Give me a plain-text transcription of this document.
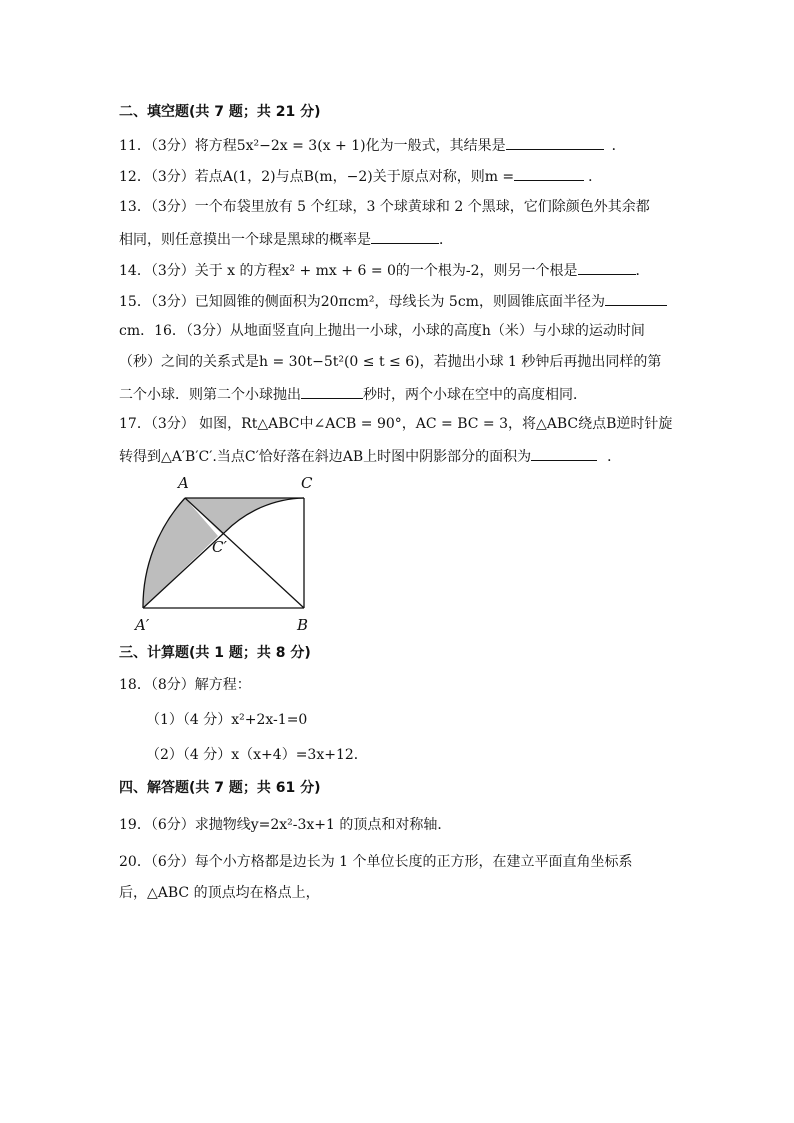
二、填空题(共 7 题；共 21 分)
11．（3分）将方程5x²−2x = 3(x + 1)化为一般式，其结果是	．
12．（3分）若点A(1，2)与点B(m，−2)关于原点对称，则m =	．
13．（3分）一个布袋里放有 5 个红球，3 个球黄球和 2 个黑球，它们除颜色外其余都
相同，则任意摸出一个球是黑球的概率是	．
14．（3分）关于 x 的方程x² + mx + 6 = 0的一个根为-2，则另一个根是	．
15．（3分）已知圆锥的侧面积为20πcm²，母线长为 5cm，则圆锥底面半径为
cm．16．（3分）从地面竖直向上抛出一小球，小球的高度h（米）与小球的运动时间
（秒）之间的关系式是h = 30t−5t²(0 ≤ t ≤ 6)，若抛出小球 1 秒钟后再抛出同样的第
二个小球．则第二个小球抛出	秒时，两个小球在空中的高度相同．
17．（3分） 如图，Rt△ABC中∠ACB = 90°，AC = BC = 3，将△ABC绕点B逆时针旋
转得到△A′B′C′.当点C′恰好落在斜边AB上时图中阴影部分的面积为	．
A	C
C′
A′	B
三、计算题(共 1 题；共 8 分)
18．（8分）解方程：
（1）（4 分）x²+2x-1=0
（2）（4 分）x（x+4）=3x+12．
四、解答题(共 7 题；共 61 分)
19．（6分）求抛物线y=2x²-3x+1 的顶点和对称轴．
20．（6分）每个小方格都是边长为 1 个单位长度的正方形，在建立平面直角坐标系
后，△ABC 的顶点均在格点上，
